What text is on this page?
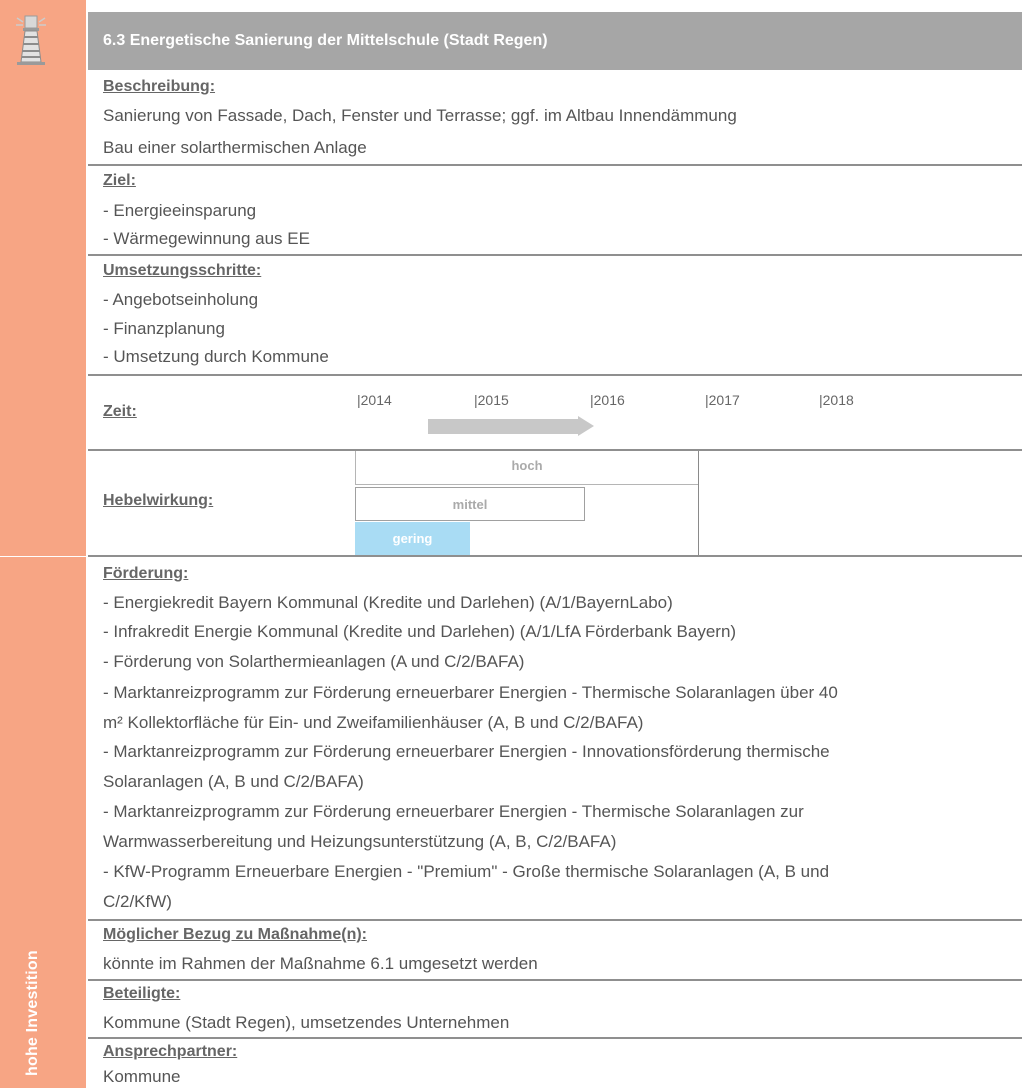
hohe Investition
6.3 Energetische Sanierung der Mittelschule (Stadt Regen)
Beschreibung:
Sanierung von Fassade, Dach, Fenster und Terrasse; ggf. im Altbau Innendämmung
Bau einer solarthermischen Anlage
Ziel:
- Energieeinsparung
- Wärmegewinnung aus EE
Umsetzungsschritte:
- Angebotseinholung
- Finanzplanung
- Umsetzung durch Kommune
Zeit:
|2014	|2015	|2016	|2017	|2018
Hebelwirkung:
hoch
mittel
gering
Förderung:
- Energiekredit Bayern Kommunal (Kredite und Darlehen) (A/1/BayernLabo)
- Infrakredit Energie Kommunal (Kredite und Darlehen) (A/1/LfA Förderbank Bayern)
- Förderung von Solarthermieanlagen (A und C/2/BAFA)
- Marktanreizprogramm zur Förderung erneuerbarer Energien - Thermische Solaranlagen über 40
m² Kollektorfläche für Ein- und Zweifamilienhäuser (A, B und C/2/BAFA)
- Marktanreizprogramm zur Förderung erneuerbarer Energien - Innovationsförderung thermische
Solaranlagen (A, B und C/2/BAFA)
- Marktanreizprogramm zur Förderung erneuerbarer Energien - Thermische Solaranlagen zur
Warmwasserbereitung und Heizungsunterstützung (A, B, C/2/BAFA)
- KfW-Programm Erneuerbare Energien - "Premium" - Große thermische Solaranlagen (A, B und
C/2/KfW)
Möglicher Bezug zu Maßnahme(n):
könnte im Rahmen der Maßnahme 6.1 umgesetzt werden
Beteiligte:
Kommune (Stadt Regen), umsetzendes Unternehmen
Ansprechpartner:
Kommune
